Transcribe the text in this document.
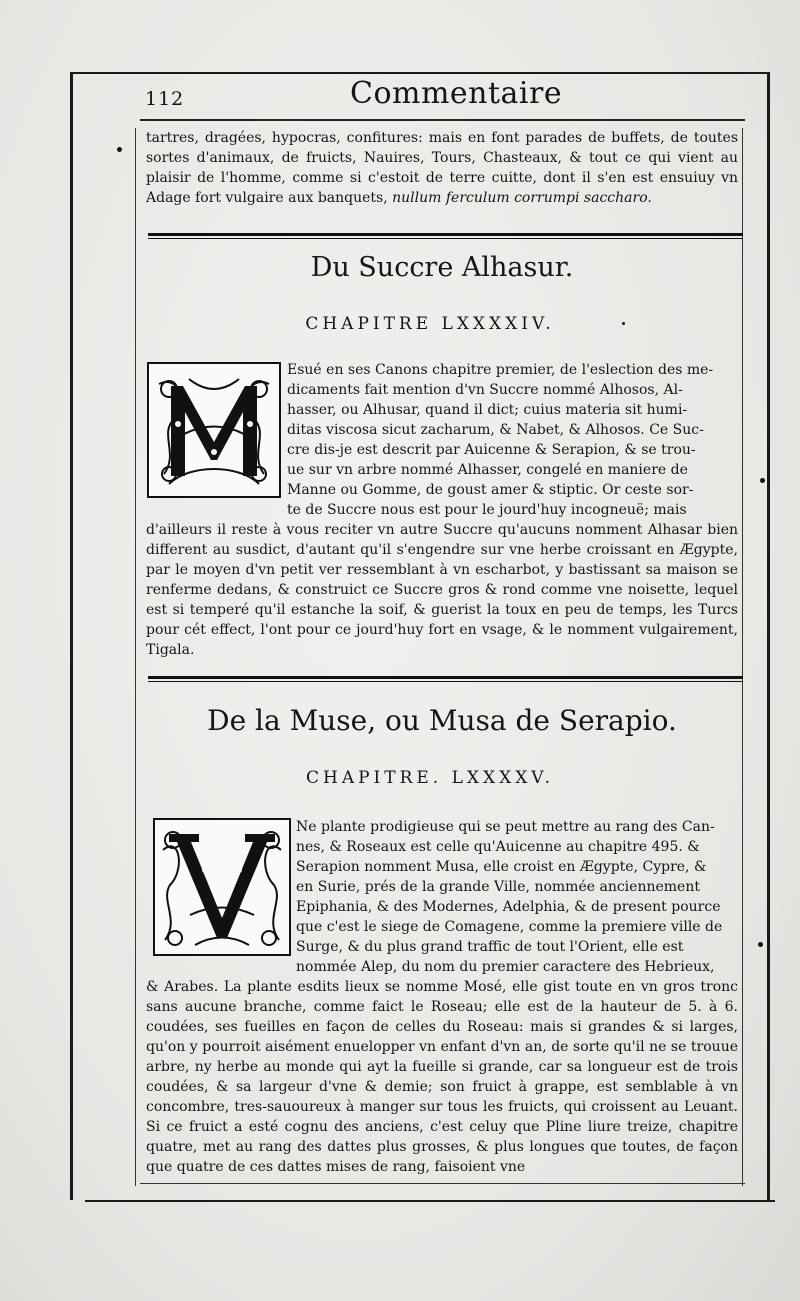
112	Commentaire

tartres, dragées, hypocras, confitures: mais en font parades de buffets, de toutes sortes d'animaux, de fruicts, Nauires, Tours, Chasteaux, & tout ce qui vient au plaisir de l'homme, comme si c'estoit de terre cuitte, dont il s'en est ensuiuy vn Adage fort vulgaire aux banquets, nullum ferculum corrumpi saccharo.

Du Succre Alhasur.
CHAPITRE LXXXXIV.

Esué en ses Canons chapitre premier, de l'eslection des me-

dicaments fait mention d'vn Succre nommé Alhosos, Al-

hasser, ou Alhusar, quand il dict; cuius materia sit humi-

ditas viscosa sicut zacharum, & Nabet, & Alhosos. Ce Suc-

cre dis-je est descrit par Auicenne & Serapion, & se trou-

ue sur vn arbre nommé Alhasser, congelé en maniere de

Manne ou Gomme, de goust amer & stiptic. Or ceste sor-

te de Succre nous est pour le jourd'huy incogneuë; mais

d'ailleurs il reste à vous reciter vn autre Succre qu'aucuns nomment Alhasar bien different au susdict, d'autant qu'il s'engendre sur vne herbe croissant en Ægypte, par le moyen d'vn petit ver ressemblant à vn escharbot, y bastissant sa maison se renferme dedans, & construict ce Succre gros & rond comme vne noisette, lequel est si temperé qu'il estanche la soif, & guerist la toux en peu de temps, les Turcs pour cét effect, l'ont pour ce jourd'huy fort en vsage, & le nomment vulgairement, Tigala.

De la Muse, ou Musa de Serapio.
CHAPITRE. LXXXXV.

Ne plante prodigieuse qui se peut mettre au rang des Can-

nes, & Roseaux est celle qu'Auicenne au chapitre 495. &

Serapion nomment Musa, elle croist en Ægypte, Cypre, &

en Surie, prés de la grande Ville, nommée anciennement

Epiphania, & des Modernes, Adelphia, & de present pource

que c'est le siege de Comagene, comme la premiere ville de

Surge, & du plus grand traffic de tout l'Orient, elle est

nommée Alep, du nom du premier caractere des Hebrieux,

& Arabes. La plante esdits lieux se nomme Mosé, elle gist toute en vn gros tronc sans aucune branche, comme faict le Roseau; elle est de la hauteur de 5. à 6. coudées, ses fueilles en façon de celles du Roseau: mais si grandes & si larges, qu'on y pourroit aisément enuelopper vn enfant d'vn an, de sorte qu'il ne se trouue arbre, ny herbe au monde qui ayt la fueille si grande, car sa longueur est de trois coudées, & sa largeur d'vne & demie; son fruict à grappe, est semblable à vn concombre, tres-sauoureux à manger sur tous les fruicts, qui croissent au Leuant. Si ce fruict a esté cognu des anciens, c'est celuy que Pline liure treize, chapitre quatre, met au rang des dattes plus grosses, & plus longues que toutes, de façon que quatre de ces dattes mises de rang, faisoient vne
